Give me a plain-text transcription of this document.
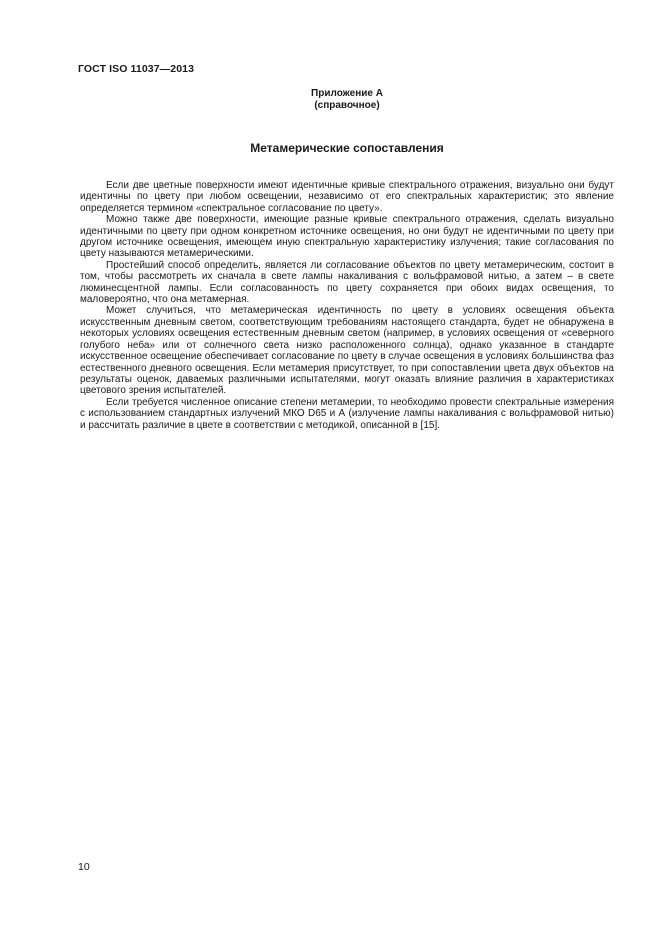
ГОСТ ISO 11037—2013
Приложение А
(справочное)
Метамерические сопоставления

Если две цветные поверхности имеют идентичные кривые спектрального отражения, визуально они будут идентичны по цвету при любом освещении, независимо от его спектральных характеристик; это явление определяется термином «спектральное согласование по цвету».

Можно также две поверхности, имеющие разные кривые спектрального отражения, сделать визуально идентичными по цвету при одном конкретном источнике освещения, но они будут не идентичными по цвету при другом источнике освещения, имеющем иную спектральную характеристику излучения; такие согласования по цвету называются метамерическими.

Простейший способ определить, является ли согласование объектов по цвету метамерическим, состоит в том, чтобы рассмотреть их сначала в свете лампы накаливания с вольфрамовой нитью, а затем – в свете люминесцентной лампы. Если согласованность по цвету сохраняется при обоих видах освещения, то маловероятно, что она метамерная.

Может случиться, что метамерическая идентичность по цвету в условиях освещения объекта искусственным дневным светом, соответствующим требованиям настоящего стандарта, будет не обнаружена в некоторых условиях освещения естественным дневным светом (например, в условиях освещения от «северного голубого неба» или от солнечного света низко расположенного солнца), однако указанное в стандарте искусственное освещение обеспечивает согласование по цвету в случае освещения в условиях большинства фаз естественного дневного освещения. Если метамерия присутствует, то при сопоставлении цвета двух объектов на результаты оценок, даваемых различными испытателями, могут оказать влияние различия в характеристиках цветового зрения испытателей.

Если требуется численное описание степени метамерии, то необходимо провести спектральные измерения с использованием стандартных излучений МКО D65 и А (излучение лампы накаливания с вольфрамовой нитью) и рассчитать различие в цвете в соответствии с методикой, описанной в [15].

10
